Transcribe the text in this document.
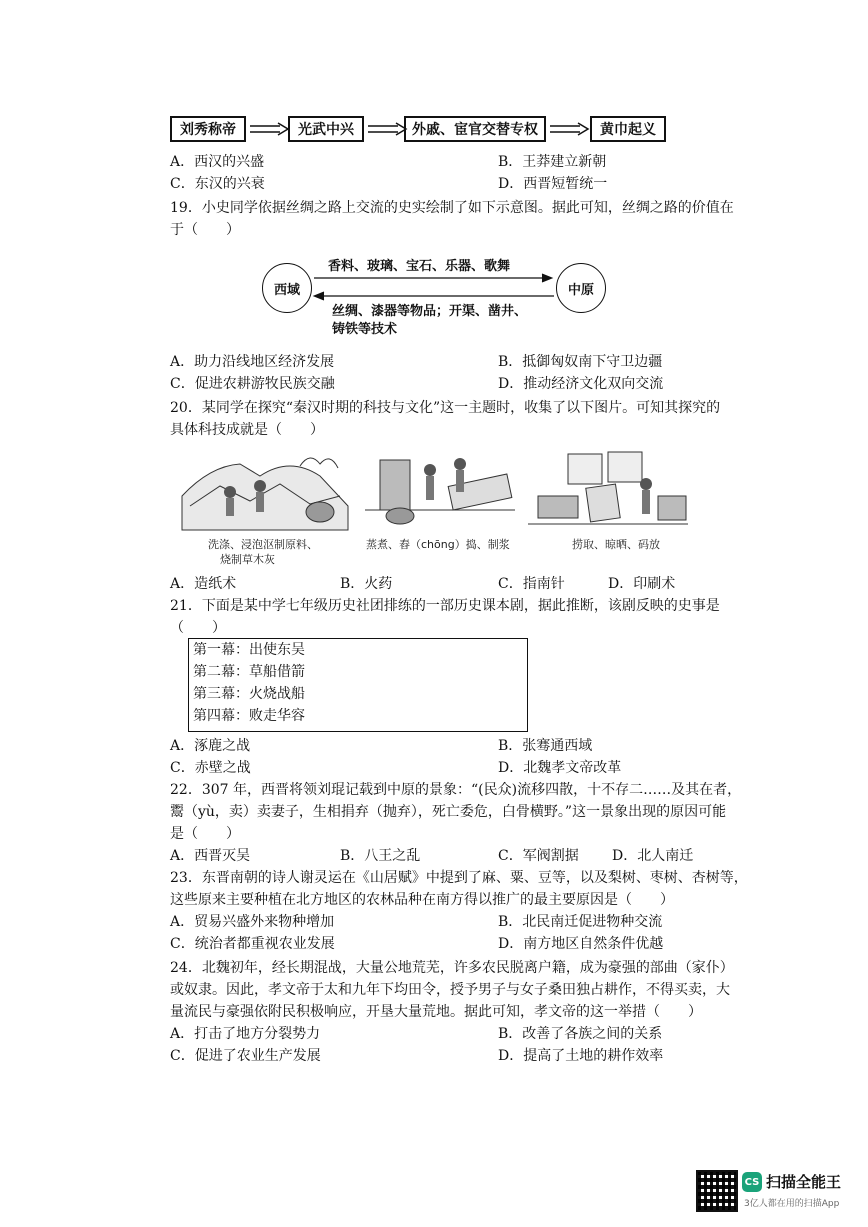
刘秀称帝	光武中兴	外戚、宦官交替专权	黄巾起义
A．西汉的兴盛	B．王莽建立新朝
C．东汉的兴衰	D．西晋短暂统一
19．小史同学依据丝绸之路上交流的史实绘制了如下示意图。据此可知，丝绸之路的价值在
于（　　）
西域	中原
香料、玻璃、宝石、乐器、歌舞
丝绸、漆器等物品；开渠、凿井、
铸铁等技术
A．助力沿线地区经济发展	B．抵御匈奴南下守卫边疆
C．促进农耕游牧民族交融	D．推动经济文化双向交流
20．某同学在探究“秦汉时期的科技与文化”这一主题时，收集了以下图片。可知其探究的
具体科技成就是（　　）
洗涤、浸泡沤制原料、
烧制草木灰
蒸煮、舂（chōng）捣、制浆	捞取、晾晒、码放
A．造纸术	B．火药	C．指南针	D．印刷术
21．下面是某中学七年级历史社团排练的一部历史课本剧，据此推断，该剧反映的史事是
（　　）
第一幕：出使东吴
第二幕：草船借箭
第三幕：火烧战船
第四幕：败走华容
A．涿鹿之战	B．张骞通西域
C．赤壁之战	D．北魏孝文帝改革
22．307 年，西晋将领刘琨记载到中原的景象：“(民众)流移四散，十不存二……及其在者，
鬻（yù，卖）卖妻子，生相捐弃（抛弃），死亡委危，白骨横野。”这一景象出现的原因可能
是（　　）
A．西晋灭吴	B．八王之乱	C．军阀割据 D．北人南迁
23．东晋南朝的诗人谢灵运在《山居赋》中提到了麻、粟、豆等，以及梨树、枣树、杏树等，
这些原来主要种植在北方地区的农林品种在南方得以推广的最主要原因是（　　）
A．贸易兴盛外来物种增加	B．北民南迁促进物种交流
C．统治者都重视农业发展	D．南方地区自然条件优越
24．北魏初年，经长期混战，大量公地荒芜，许多农民脱离户籍，成为豪强的部曲（家仆）
或奴隶。因此，孝文帝于太和九年下均田令，授予男子与女子桑田独占耕作，不得买卖，大
量流民与豪强依附民积极响应，开垦大量荒地。据此可知，孝文帝的这一举措（　　）
A．打击了地方分裂势力	B．改善了各族之间的关系
C．促进了农业生产发展	D．提高了土地的耕作效率
CS 扫描全能王
3亿人都在用的扫描App
